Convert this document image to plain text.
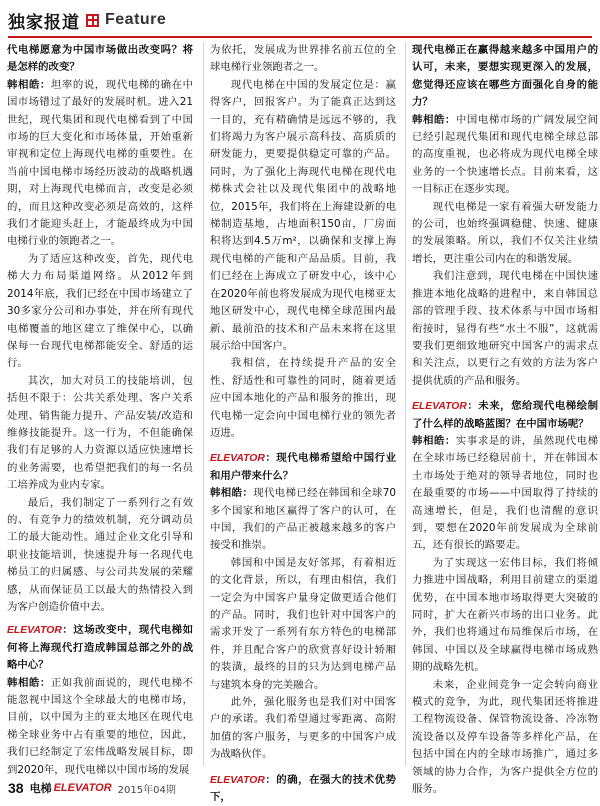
独家报道 Feature

代电梯愿意为中国市场做出改变吗？将是怎样的改变？

韩相皓：坦率的说，现代电梯的确在中国市场错过了最好的发展时机。进入21世纪，现代集团和现代电梯看到了中国市场的巨大变化和市场体量，开始重新审视和定位上海现代电梯的重要性。在当前中国电梯市场经历波动的战略机遇期，对上海现代电梯而言，改变是必须的，而且这种改变必须是高效的，这样我们才能迎头赶上，才能最终成为中国电梯行业的领跑者之一。

为了适应这种改变，首先，现代电梯大力布局渠道网络。从2012年到2014年底，我们已经在中国市场建立了30多家分公司和办事处，并在所有现代电梯覆盖的地区建立了维保中心，以确保每一台现代电梯都能安全、舒适的运行。

其次，加大对员工的技能培训，包括但不限于：公共关系处理、客户关系处理、销售能力提升、产品安装/改造和维修技能提升。这一行为，不但能确保我们有足够的人力资源以适应快速增长的业务需要，也希望把我们的每一名员工培养成为业内专家。

最后，我们制定了一系列行之有效的、有竞争力的绩效机制，充分调动员工的最大能动性。通过企业文化引导和职业技能培训，快速提升每一名现代电梯员工的归属感、与公司共发展的荣耀感，从而保证员工以最大的热情投入到为客户创造价值中去。

ELEVATOR：这场改变中，现代电梯如何将上海现代打造成韩国总部之外的战略中心？

韩相皓：正如我前面说的，现代电梯不能忽视中国这个全球最大的电梯市场，目前，以中国为主的亚太地区在现代电梯全球业务中占有重要的地位，因此，我们已经制定了宏伟战略发展目标，即到2020年，现代电梯以中国市场的发展

为依托，发展成为世界排名前五位的全球电梯行业领跑者之一。

现代电梯在中国的发展定位是：赢得客户，回报客户。为了能真正达到这一目的，充有精确情是远远不够的，我们将竭力为客户展示高科技、高质质的研发能力，更要提供稳定可靠的产品。同时，为了强化上海现代电梯在现代电梯株式会社以及现代集团中的战略地位，2015年，我们将在上海建设新的电梯制造基地，占地面积150亩，厂房面积将达到4.5万m²，以确保和支撑上海现代电梯的产能和产品品质。目前，我们已经在上海成立了研发中心，该中心在2020年前也将发展成为现代电梯亚太地区研发中心，现代电梯全球范围内最新、最前沿的技术和产品未来将在这里展示给中国客户。

我相信，在持续提升产品的安全性、舒适性和可靠性的同时，随着更适应中国本地化的产品和服务的推出，现代电梯一定会向中国电梯行业的领先者迈进。

ELEVATOR：现代电梯希望给中国行业和用户带来什么？

韩相皓：现代电梯已经在韩国和全球70多个国家和地区赢得了客户的认可，在中国，我们的产品正被越来越多的客户接受和推崇。

韩国和中国是友好邻邦，有着相近的文化背景，所以，有理由相信，我们一定会为中国客户量身定做更适合他们的产品。同时，我们也针对中国客户的需求开发了一系列有东方特色的电梯部件，并且配合客户的欣赏喜好设计轿厢的装潢，最终的目的只为达到电梯产品与建筑本身的完美融合。

此外，强化服务也是我们对中国客户的承诺。我们希望通过零距离、高附加值的客户服务，与更多的中国客户成为战略伙伴。

ELEVATOR：的确，在强大的技术优势下，

现代电梯正在赢得越来越多中国用户的认可，未来，要想实现更深入的发展，您觉得还应该在哪些方面强化自身的能力？

韩相皓：中国电梯市场的广阔发展空间已经引起现代集团和现代电梯全球总部的高度重视，也必将成为现代电梯全球业务的一个快速增长点。目前来看，这一目标正在逐步实现。

现代电梯是一家有着强大研发能力的公司，也始终强调稳健、快速、健康的发展策略。所以，我们不仅关注业绩增长，更注重公司内在的和谐发展。

我们注意到，现代电梯在中国快速推进本地化战略的进程中，来自韩国总部的管理手段、技术体系与中国市场相衔接时，显得有些“水土不服”，这就需要我们更细致地研究中国客户的需求点和关注点，以更行之有效的方法为客户提供优质的产品和服务。

ELEVATOR：未来，您给现代电梯绘制了什么样的战略蓝图？在中国市场呢？

韩相皓：实事求是的讲，虽然现代电梯在全球市场已经稳居前十，并在韩国本土市场处于绝对的领导者地位，同时也在最重要的市场——中国取得了持续的高速增长，但是，我们也清醒的意识到，要想在2020年前发展成为全球前五，还有很长的路要走。

为了实现这一宏伟目标，我们将倾力推进中国战略，利用目前建立的渠道优势，在中国本地市场取得更大突破的同时，扩大在新兴市场的出口业务。此外，我们也将通过布局维保后市场，在韩国、中国以及全球赢得电梯市场成熟期的战略先机。

未来，企业间竞争一定会转向商业模式的竞争，为此，现代集团还将推进工程物流设备、保管物流设备、冷冻物流设备以及停车设备等多样化产品，在包括中国在内的全球市场推广，通过多领域的协力合作，为客户提供全方位的服务。

38 电梯 ELEVATOR 2015年04期
